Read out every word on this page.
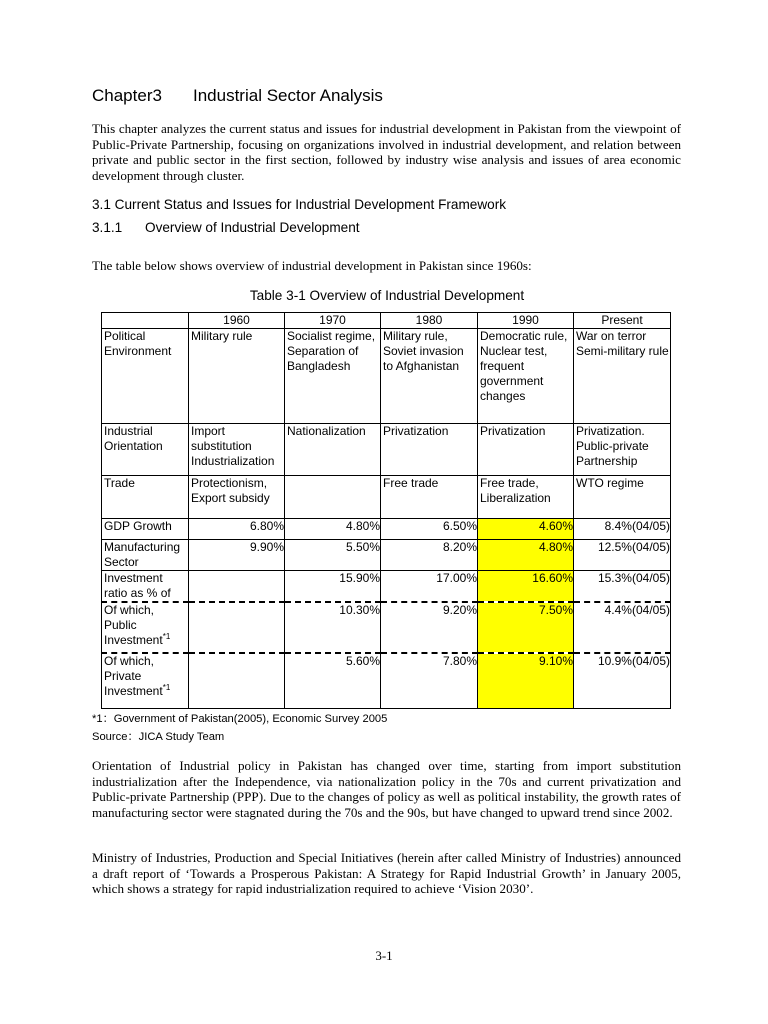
Chapter3 Industrial Sector Analysis
This chapter analyzes the current status and issues for industrial development in Pakistan from the viewpoint of Public-Private Partnership, focusing on organizations involved in industrial development, and relation between private and public sector in the first section, followed by industry wise analysis and issues of area economic development through cluster.
3.1 Current Status and Issues for Industrial Development Framework
3.1.1 Overview of Industrial Development
The table below shows overview of industrial development in Pakistan since 1960s:
Table 3-1 Overview of Industrial Development
	1960	1970	1980	1990	Present
Political Environment	Military rule	Socialist regime, Separation of Bangladesh	Military rule, Soviet invasion to Afghanistan	Democratic rule, Nuclear test, frequent government changes	War on terror Semi-military rule
Industrial Orientation	Import substitution Industrialization	Nationalization	Privatization	Privatization	Privatization. Public-private Partnership
Trade	Protectionism, Export subsidy		Free trade	Free trade, Liberalization	WTO regime
GDP Growth	6.80%	4.80%	6.50%	4.60%	8.4%(04/05)
Manufacturing Sector	9.90%	5.50%	8.20%	4.80%	12.5%(04/05)
Investment ratio as % of		15.90%	17.00%	16.60%	15.3%(04/05)
Of which, Public Investment$^{*1}$		10.30%	9.20%	7.50%	4.4%(04/05)
Of which, Private Investment$^{*1}$		5.60%	7.80%	9.10%	10.9%(04/05)
*1：Government of Pakistan(2005), Economic Survey 2005
Source：JICA Study Team
Orientation of Industrial policy in Pakistan has changed over time, starting from import substitution industrialization after the Independence, via nationalization policy in the 70s and current privatization and Public-private Partnership (PPP). Due to the changes of policy as well as political instability, the growth rates of manufacturing sector were stagnated during the 70s and the 90s, but have changed to upward trend since 2002.
Ministry of Industries, Production and Special Initiatives (herein after called Ministry of Industries) announced a draft report of ‘Towards a Prosperous Pakistan: A Strategy for Rapid Industrial Growth’ in January 2005, which shows a strategy for rapid industrialization required to achieve ‘Vision 2030’.
3-1
